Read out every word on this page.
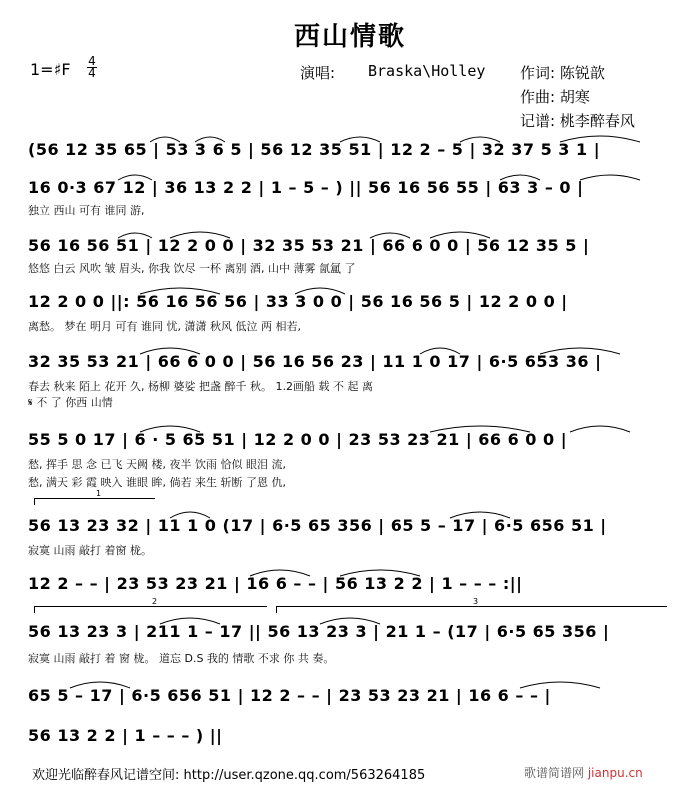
西山情歌
1=♯F 4
4	演唱: Braska\Holley 作词: 陈锐歆
作曲: 胡寒
记谱: 桃李醉春风
(56 12 35 65 | 53 3 6 5 | 56 12 35 51 | 12 2 – 5 | 32 37 5 3 1 |
16 0·3 67 12 | 36 13 2 2 | 1 – 5 – ) || 56 16 56 55 | 63 3 – 0 |
独立 西山 可有 谁同 游,
56 16 56 51 | 12 2 0 0 | 32 35 53 21 | 66 6 0 0 | 56 12 35 5 |
悠悠 白云 风吹 皱 眉头, 你我 饮尽 一杯 离别 酒, 山中 薄雾 氤氲 了
12 2 0 0 ||: 56 16 56 56 | 33 3 0 0 | 56 16 56 5 | 12 2 0 0 |
离愁。 梦在 明月 可有 谁同 忧, 潇潇 秋风 低泣 两 相若,
32 35 53 21 | 66 6 0 0 | 56 16 56 23 | 11 1 0 17 | 6·5 653 36 |
春去 秋来 陌上 花开 久, 杨柳 婆娑 把盏 醉千 秋。 1.2画船 载 不 起 离
𝄋 不 了 你西 山情
55 5 0 17 | 6 · 5 65 51 | 12 2 0 0 | 23 53 23 21 | 66 6 0 0 |
愁, 挥手 思 念 已飞 天阙 楼, 夜半 饮雨 恰似 眼泪 流,
愁, 满天 彩 霞 映入 谁眼 眸, 倘若 来生 斩断 了恩 仇,
1
56 13 23 32 | 11 1 0 (17 | 6·5 65 356 | 65 5 – 17 | 6·5 656 51 |
寂寞 山雨 敲打 着窗 栊。
12 2 – – | 23 53 23 21 | 16 6 – – | 56 13 2 2 | 1 – – – :||
2	3
56 13 23 3 | 211 1 – 17 || 56 13 23 3 | 21 1 – (17 | 6·5 65 356 |
寂寞 山雨 敲打 着 窗 栊。 道忘 D.S 我的 情歌 不求 你 共 奏。
65 5 – 17 | 6·5 656 51 | 12 2 – – | 23 53 23 21 | 16 6 – – |
56 13 2 2 | 1 – – – ) ||
欢迎光临醉春风记谱空间: http://user.qzone.qq.com/563264185	歌谱简谱网 jianpu.cn
